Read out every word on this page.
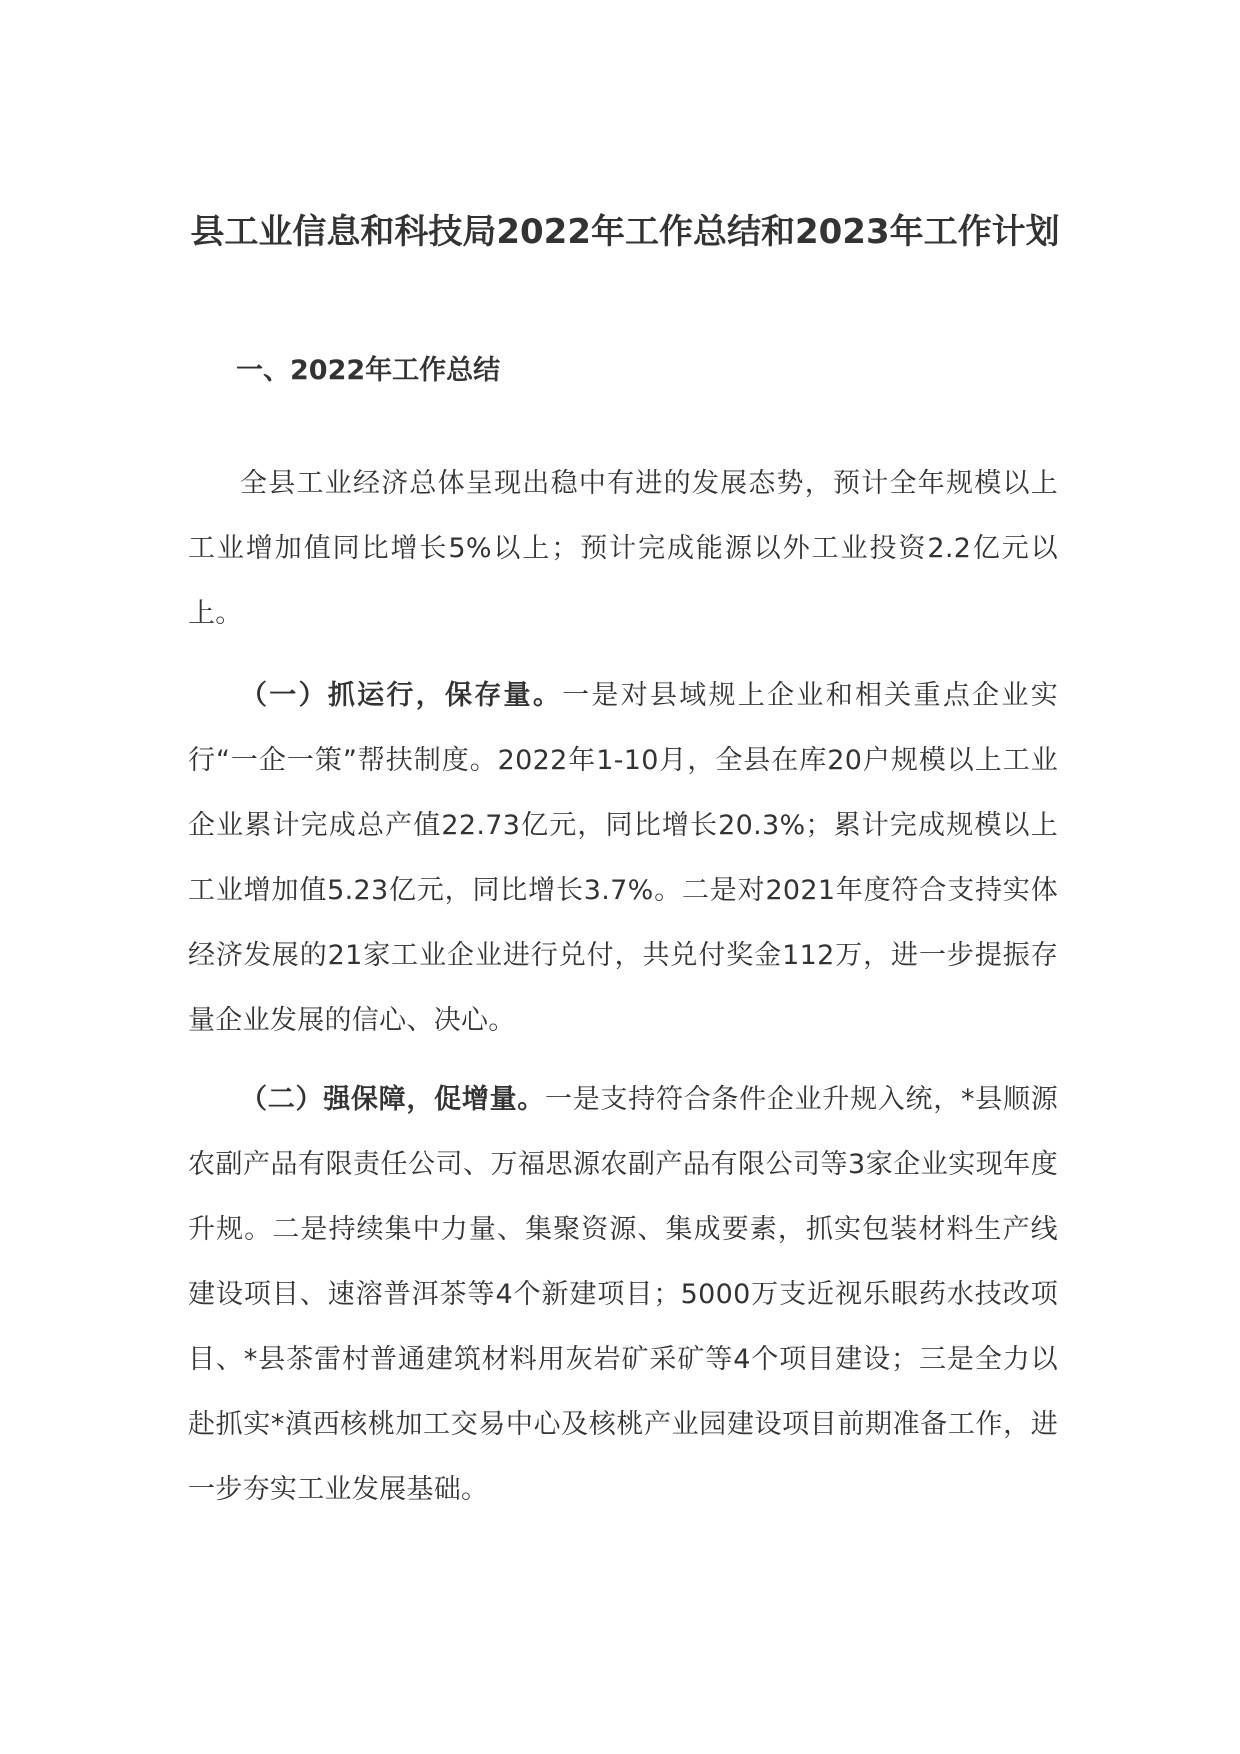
县工业信息和科技局2022年工作总结和2023年工作计划
一、2022年工作总结

全县工业经济总体呈现出稳中有进的发展态势，预计全年规模以上工业增加值同比增长5%以上；预计完成能源以外工业投资2.2亿元以上。

（一）抓运行，保存量。一是对县域规上企业和相关重点企业实行“一企一策”帮扶制度。2022年1-10月，全县在库20户规模以上工业企业累计完成总产值22.73亿元，同比增长20.3%；累计完成规模以上工业增加值5.23亿元，同比增长3.7%。二是对2021年度符合支持实体经济发展的21家工业企业进行兑付，共兑付奖金112万，进一步提振存量企业发展的信心、决心。

（二）强保障，促增量。一是支持符合条件企业升规入统，*县顺源农副产品有限责任公司、万福思源农副产品有限公司等3家企业实现年度升规。二是持续集中力量、集聚资源、集成要素，抓实包装材料生产线建设项目、速溶普洱茶等4个新建项目；5000万支近视乐眼药水技改项目、*县茶雷村普通建筑材料用灰岩矿采矿等4个项目建设；三是全力以赴抓实*滇西核桃加工交易中心及核桃产业园建设项目前期准备工作，进一步夯实工业发展基础。
